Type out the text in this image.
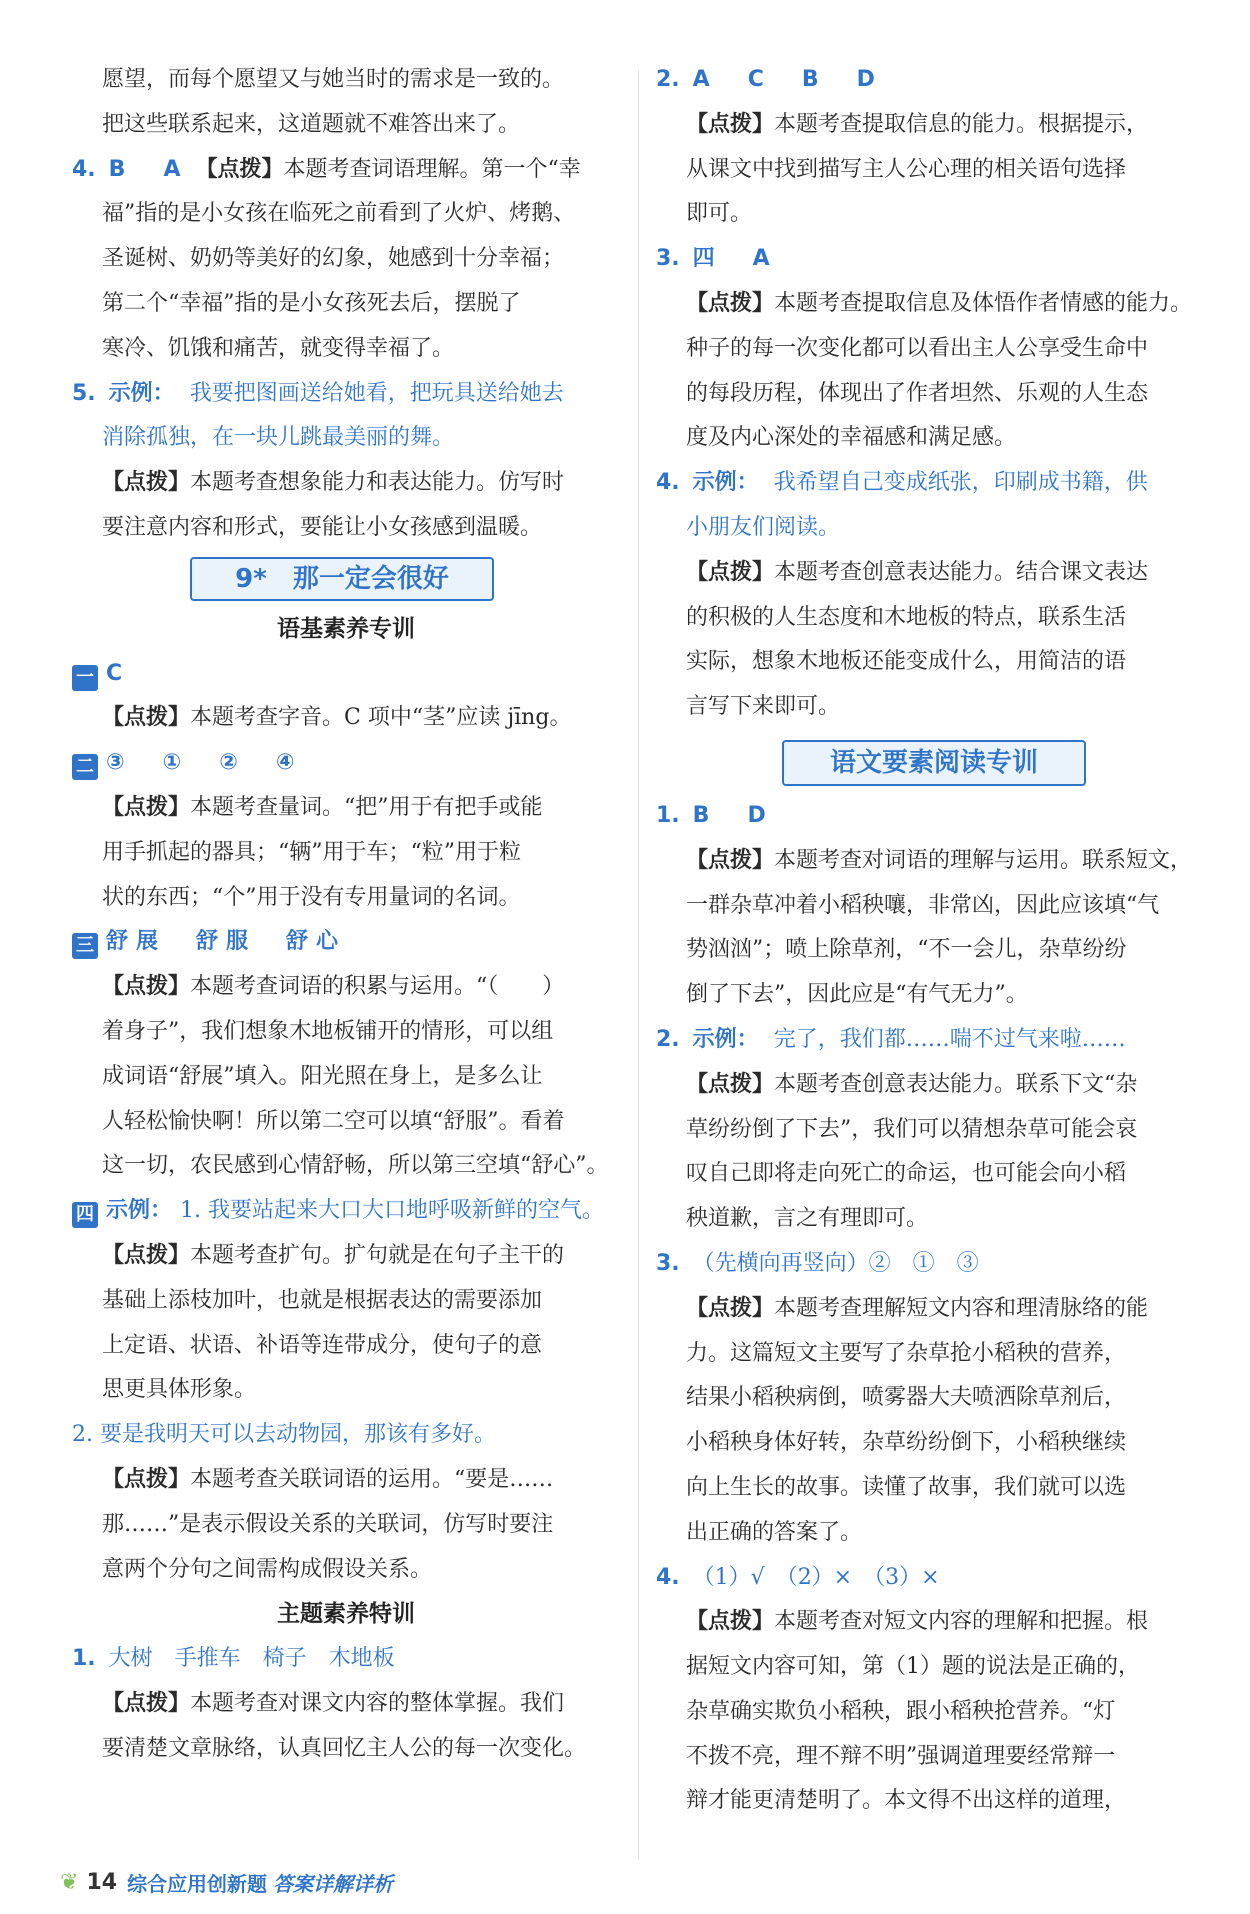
愿望，而每个愿望又与她当时的需求是一致的。
把这些联系起来，这道题就不难答出来了。
4. B　A 【点拨】本题考查词语理解。第一个“幸
福”指的是小女孩在临死之前看到了火炉、烤鹅、
圣诞树、奶奶等美好的幻象，她感到十分幸福；
第二个“幸福”指的是小女孩死去后，摆脱了
寒冷、饥饿和痛苦，就变得幸福了。
5. 示例： 我要把图画送给她看，把玩具送给她去
消除孤独，在一块儿跳最美丽的舞。
【点拨】本题考查想象能力和表达能力。仿写时
要注意内容和形式，要能让小女孩感到温暖。
9*　那一定会很好
语基素养专训
一 C
【点拨】本题考查字音。C 项中“茎”应读 jīng。
二 ③　①　②　④
【点拨】本题考查量词。“把”用于有把手或能
用手抓起的器具；“辆”用于车；“粒”用于粒
状的东西；“个”用于没有专用量词的名词。
三 舒展　舒服　舒心
【点拨】本题考查词语的积累与运用。“（　　）
着身子”，我们想象木地板铺开的情形，可以组
成词语“舒展”填入。阳光照在身上，是多么让
人轻松愉快啊！所以第二空可以填“舒服”。看着
这一切，农民感到心情舒畅，所以第三空填“舒心”。
四 示例： 1. 我要站起来大口大口地呼吸新鲜的空气。
【点拨】本题考查扩句。扩句就是在句子主干的
基础上添枝加叶，也就是根据表达的需要添加
上定语、状语、补语等连带成分，使句子的意
思更具体形象。
2. 要是我明天可以去动物园，那该有多好。
【点拨】本题考查关联词语的运用。“要是……
那……”是表示假设关系的关联词，仿写时要注
意两个分句之间需构成假设关系。
主题素养特训
1. 大树　手推车　椅子　木地板
【点拨】本题考查对课文内容的整体掌握。我们
要清楚文章脉络，认真回忆主人公的每一次变化。
2. A　C　B　D
【点拨】本题考查提取信息的能力。根据提示，
从课文中找到描写主人公心理的相关语句选择
即可。
3. 四　A
【点拨】本题考查提取信息及体悟作者情感的能力。
种子的每一次变化都可以看出主人公享受生命中
的每段历程，体现出了作者坦然、乐观的人生态
度及内心深处的幸福感和满足感。
4. 示例： 我希望自己变成纸张，印刷成书籍，供
小朋友们阅读。
【点拨】本题考查创意表达能力。结合课文表达
的积极的人生态度和木地板的特点，联系生活
实际，想象木地板还能变成什么，用简洁的语
言写下来即可。
语文要素阅读专训
1. B　D
【点拨】本题考查对词语的理解与运用。联系短文，
一群杂草冲着小稻秧嚷，非常凶，因此应该填“气
势汹汹”；喷上除草剂，“不一会儿，杂草纷纷
倒了下去”，因此应是“有气无力”。
2. 示例： 完了，我们都……喘不过气来啦……
【点拨】本题考查创意表达能力。联系下文“杂
草纷纷倒了下去”，我们可以猜想杂草可能会哀
叹自己即将走向死亡的命运，也可能会向小稻
秧道歉，言之有理即可。
3. （先横向再竖向）②　①　③
【点拨】本题考查理解短文内容和理清脉络的能
力。这篇短文主要写了杂草抢小稻秧的营养，
结果小稻秧病倒，喷雾器大夫喷洒除草剂后，
小稻秧身体好转，杂草纷纷倒下，小稻秧继续
向上生长的故事。读懂了故事，我们就可以选
出正确的答案了。
4. （1）√　（2）×　（3）×
【点拨】本题考查对短文内容的理解和把握。根
据短文内容可知，第（1）题的说法是正确的，
杂草确实欺负小稻秧，跟小稻秧抢营养。“灯
不拨不亮，理不辩不明”强调道理要经常辩一
辩才能更清楚明了。本文得不出这样的道理，
❦ 14 综合应用创新题 答案详解详析
